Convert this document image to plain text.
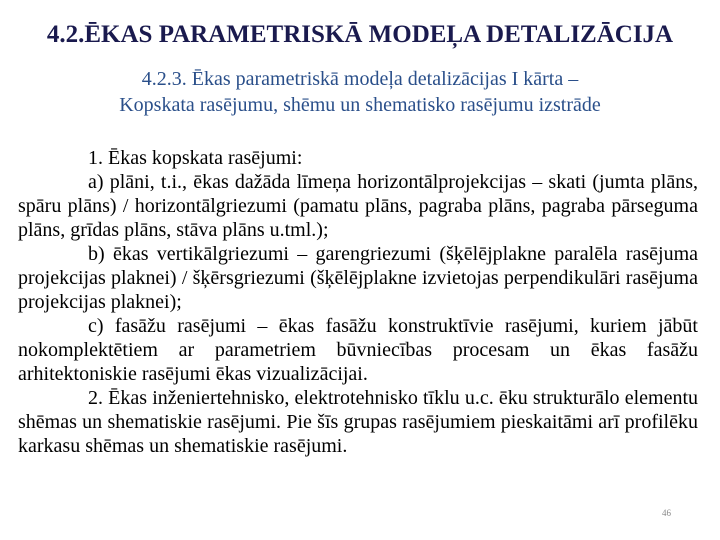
4.2.ĒKAS PARAMETRISKĀ MODEĻA DETALIZĀCIJA
4.2.3. Ēkas parametriskā modeļa detalizācijas I kārta –
Kopskata rasējumu, shēmu un shematisko rasējumu izstrāde

1. Ēkas kopskata rasējumi:

a) plāni, t.i., ēkas dažāda līmeņa horizontālprojekcijas – skati (jumta plāns, spāru plāns) / horizontālgriezumi (pamatu plāns, pagraba plāns, pagraba pārseguma plāns, grīdas plāns, stāva plāns u.tml.);

b) ēkas vertikālgriezumi – garengriezumi (šķēlējplakne paralēla rasējuma projekcijas plaknei) / šķērsgriezumi (šķēlējplakne izvietojas perpendikulāri rasējuma projekcijas plaknei);

c) fasāžu rasējumi – ēkas fasāžu konstruktīvie rasējumi, kuriem jābūt nokomplektētiem ar parametriem būvniecības procesam un ēkas fasāžu arhitektoniskie rasējumi ēkas vizualizācijai.

2. Ēkas inženiertehnisko, elektrotehnisko tīklu u.c. ēku strukturālo elementu shēmas un shematiskie rasējumi. Pie šīs grupas rasējumiem pieskaitāmi arī profilēku karkasu shēmas un shematiskie rasējumi.

46
